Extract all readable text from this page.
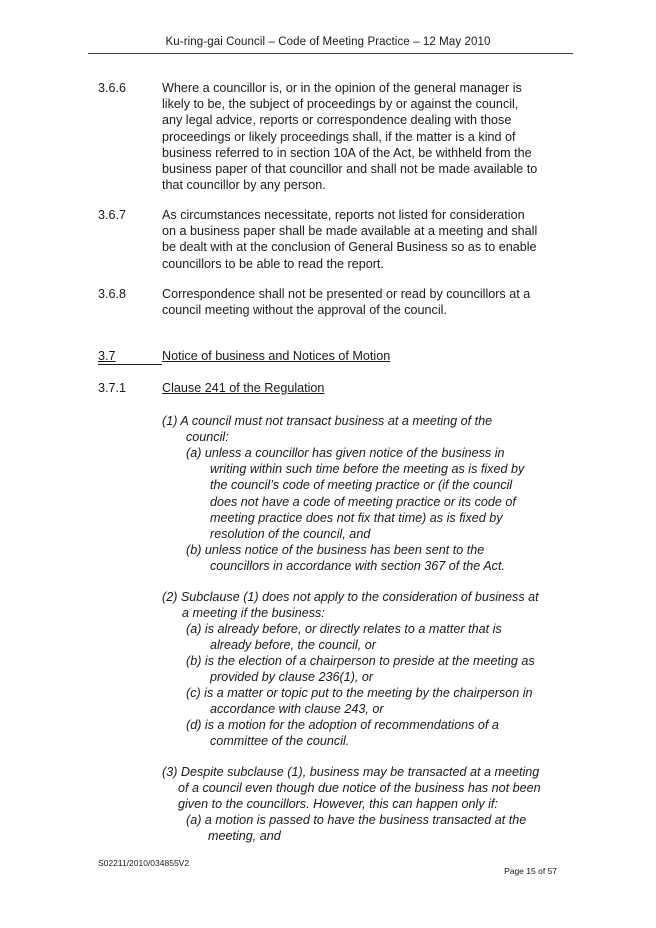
Ku-ring-gai Council – Code of Meeting Practice – 12 May 2010
3.6.6	Where a councillor is, or in the opinion of the general manager is
likely to be, the subject of proceedings by or against the council,
any legal advice, reports or correspondence dealing with those
proceedings or likely proceedings shall, if the matter is a kind of
business referred to in section 10A of the Act, be withheld from the
business paper of that councillor and shall not be made available to
that councillor by any person.
3.6.7	As circumstances necessitate, reports not listed for consideration
on a business paper shall be made available at a meeting and shall
be dealt with at the conclusion of General Business so as to enable
councillors to be able to read the report.
3.6.8	Correspondence shall not be presented or read by councillors at a
council meeting without the approval of the council.
3.7	Notice of business and Notices of Motion
3.7.1	Clause 241 of the Regulation
(1) A council must not transact business at a meeting of the
council:
(a) unless a councillor has given notice of the business in
writing within such time before the meeting as is fixed by
the council’s code of meeting practice or (if the council
does not have a code of meeting practice or its code of
meeting practice does not fix that time) as is fixed by
resolution of the council, and
(b) unless notice of the business has been sent to the
councillors in accordance with section 367 of the Act.
(2) Subclause (1) does not apply to the consideration of business at
a meeting if the business:
(a) is already before, or directly relates to a matter that is
already before, the council, or
(b) is the election of a chairperson to preside at the meeting as
provided by clause 236(1), or
(c) is a matter or topic put to the meeting by the chairperson in
accordance with clause 243, or
(d) is a motion for the adoption of recommendations of a
committee of the council.
(3) Despite subclause (1), business may be transacted at a meeting
of a council even though due notice of the business has not been
given to the councillors. However, this can happen only if:
(a) a motion is passed to have the business transacted at the
meeting, and
S02211/2010/034855V2
Page 15 of 57
